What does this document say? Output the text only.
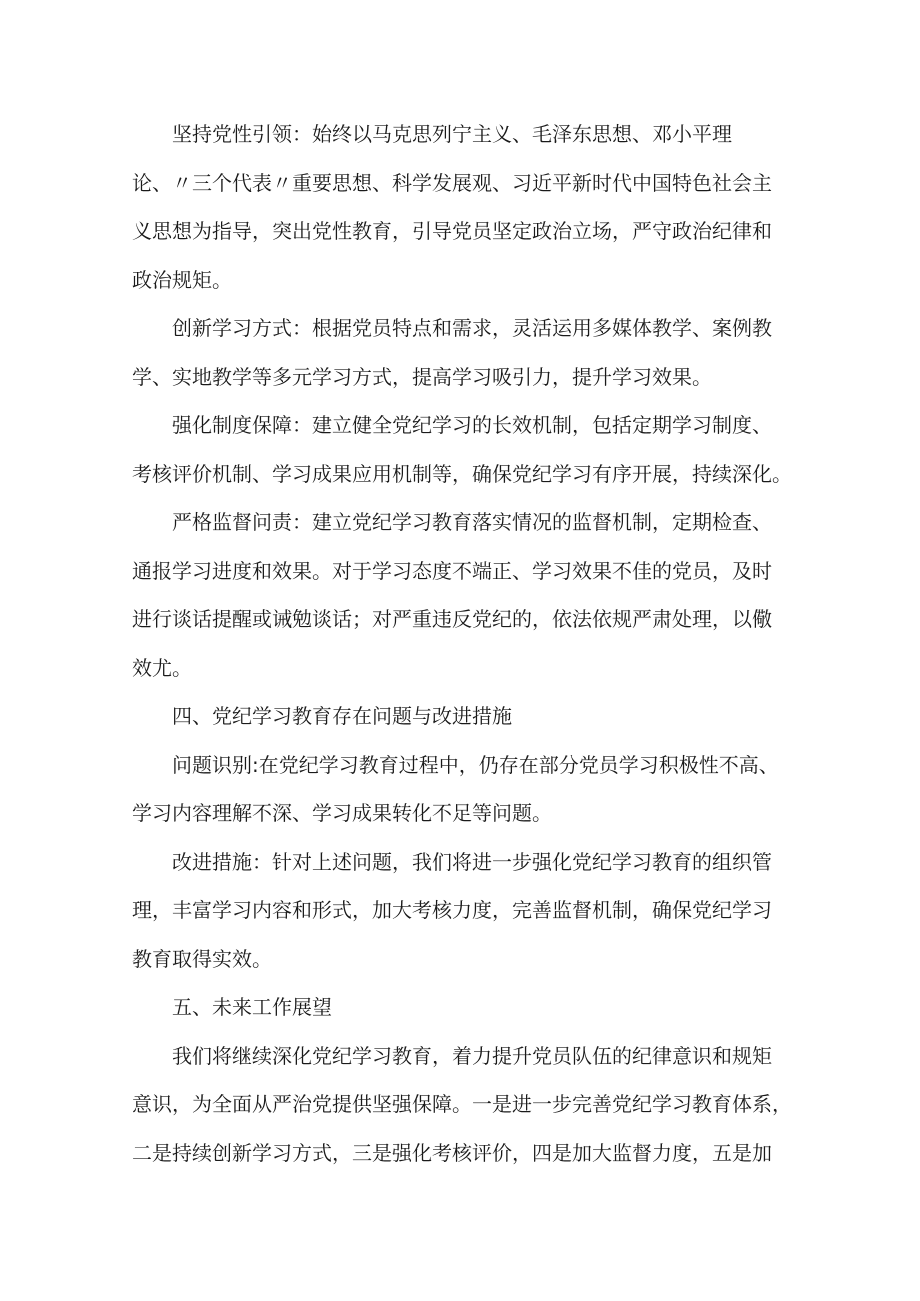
坚持党性引领：始终以马克思列宁主义、毛泽东思想、邓小平理
论、〃三个代表〃重要思想、科学发展观、习近平新时代中国特色社会主
义思想为指导，突出党性教育，引导党员坚定政治立场，严守政治纪律和
政治规矩。
创新学习方式：根据党员特点和需求，灵活运用多媒体教学、案例教
学、实地教学等多元学习方式，提高学习吸引力，提升学习效果。
强化制度保障：建立健全党纪学习的长效机制，包括定期学习制度、
考核评价机制、学习成果应用机制等，确保党纪学习有序开展，持续深化。
严格监督问责：建立党纪学习教育落实情况的监督机制，定期检查、
通报学习进度和效果。对于学习态度不端正、学习效果不佳的党员，及时
进行谈话提醒或诫勉谈话；对严重违反党纪的，依法依规严肃处理，以儆
效尤。
四、党纪学习教育存在问题与改进措施
问题识别:在党纪学习教育过程中，仍存在部分党员学习积极性不高、
学习内容理解不深、学习成果转化不足等问题。
改进措施：针对上述问题，我们将进一步强化党纪学习教育的组织管
理，丰富学习内容和形式，加大考核力度，完善监督机制，确保党纪学习
教育取得实效。
五、未来工作展望
我们将继续深化党纪学习教育，着力提升党员队伍的纪律意识和规矩
意识，为全面从严治党提供坚强保障。一是进一步完善党纪学习教育体系，
二是持续创新学习方式，三是强化考核评价，四是加大监督力度，五是加
